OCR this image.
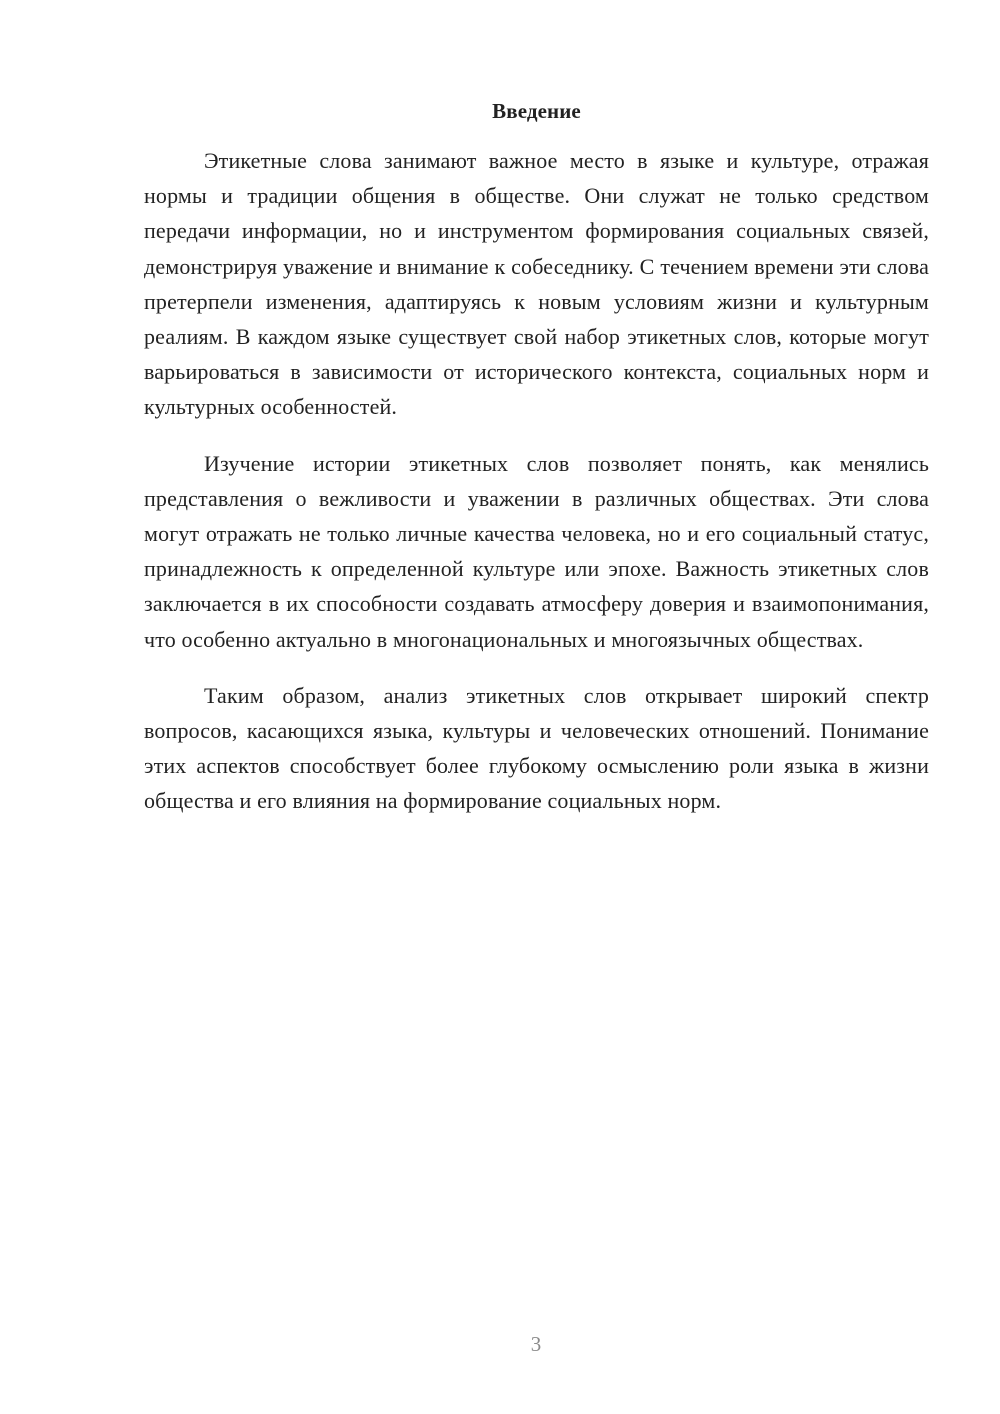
Введение

Этикетные слова занимают важное место в языке и культуре, отражая нормы и традиции общения в обществе. Они служат не только средством передачи информации, но и инструментом формирования социальных связей, демонстрируя уважение и внимание к собеседнику. С течением времени эти слова претерпели изменения, адаптируясь к новым условиям жизни и культурным реалиям. В каждом языке существует свой набор этикетных слов, которые могут варьироваться в зависимости от исторического контекста, социальных норм и культурных особенностей.

Изучение истории этикетных слов позволяет понять, как менялись представления о вежливости и уважении в различных обществах. Эти слова могут отражать не только личные качества человека, но и его социальный статус, принадлежность к определенной культуре или эпохе. Важность этикетных слов заключается в их способности создавать атмосферу доверия и взаимопонимания, что особенно актуально в многонациональных и многоязычных обществах.

Таким образом, анализ этикетных слов открывает широкий спектр вопросов, касающихся языка, культуры и человеческих отношений. Понимание этих аспектов способствует более глубокому осмыслению роли языка в жизни общества и его влияния на формирование социальных норм.

3
